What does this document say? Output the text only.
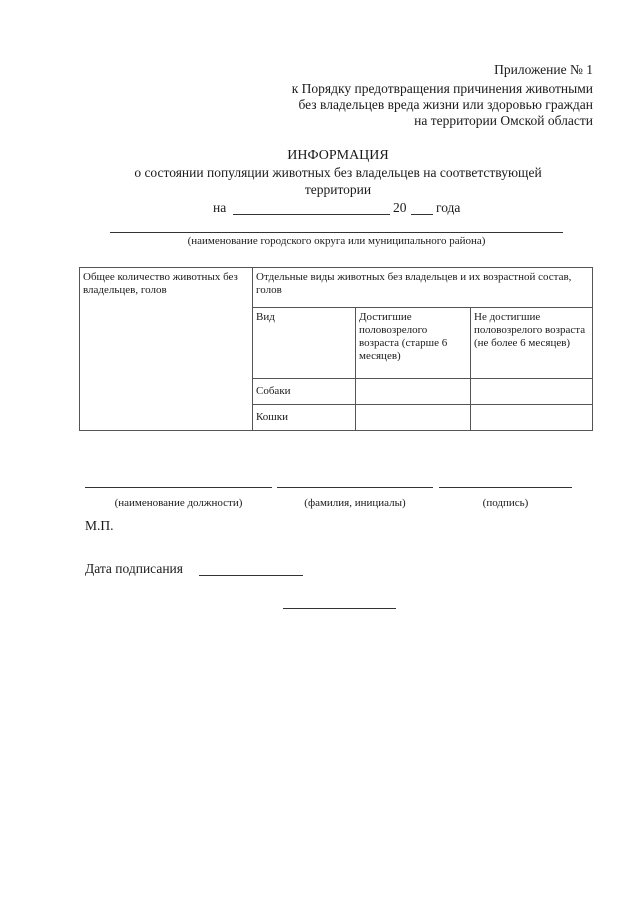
Приложение № 1
к Порядку предотвращения причинения животными
без владельцев вреда жизни или здоровью граждан
на территории Омской области
ИНФОРМАЦИЯ
о состоянии популяции животных без владельцев на соответствующей
территории
на	20 года
(наименование городского округа или муниципального района)
Общее количество животных без владельцев, голов	Отдельные виды животных без владельцев и их возрастной состав, голов		

	Вид	Достигшие половозрелого возраста (старше 6 месяцев)	Не достигшие половозрелого возраста (не более 6 месяцев)

	Собаки		
	Кошки		
(наименование должности)	(фамилия, инициалы)	(подпись)
М.П.
Дата подписания
